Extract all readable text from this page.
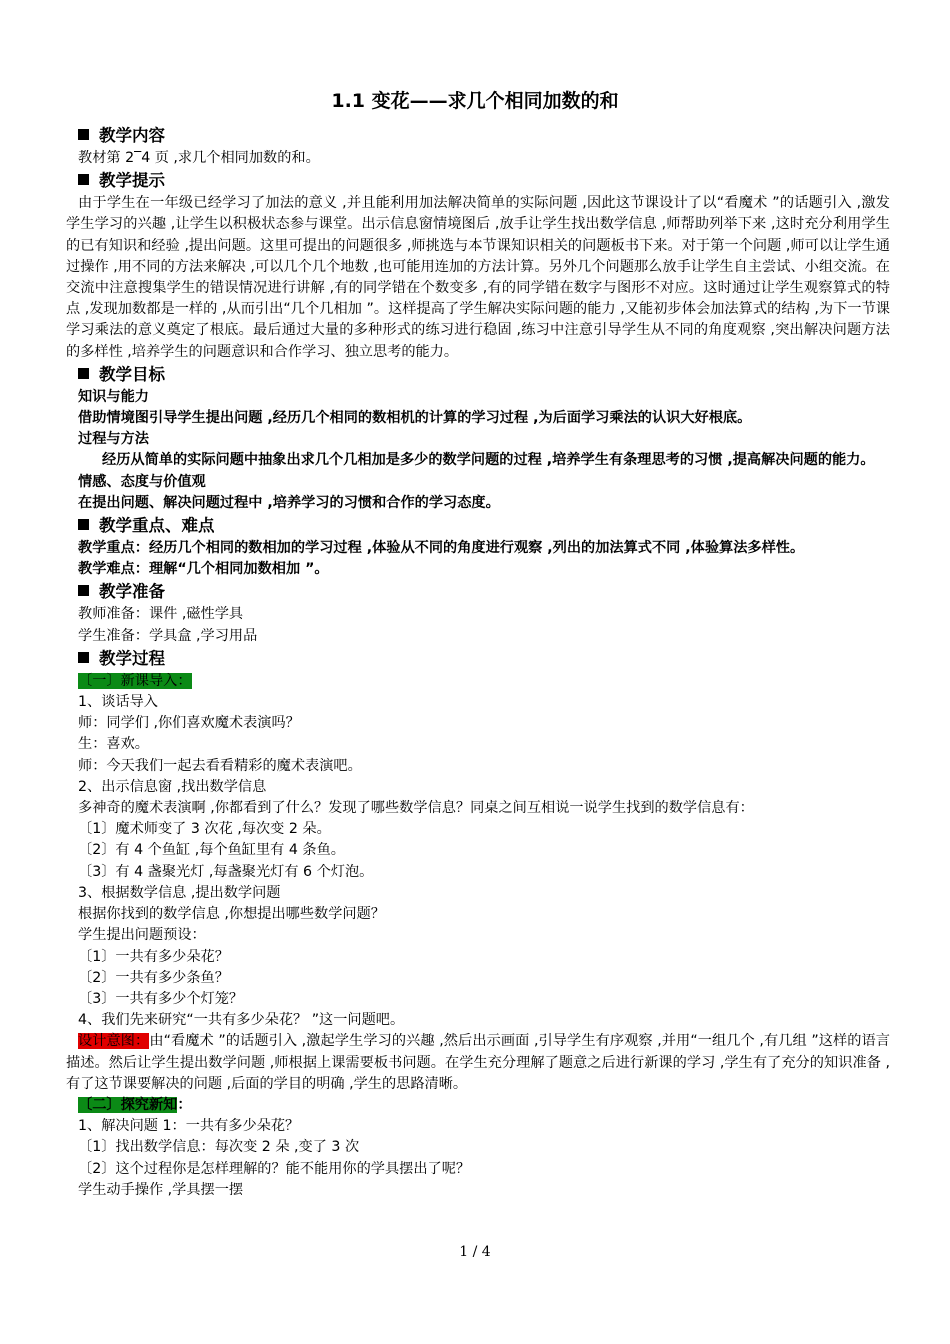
1.1 变花——求几个相同加数的和
教学内容
教材第 2‾4 页 ,求几个相同加数的和。
教学提示
由于学生在一年级已经学习了加法的意义 ,并且能利用加法解决简单的实际问题 ,因此这节课设计了以“看魔术 ”的话题引入 ,激发学生学习的兴趣 ,让学生以积极状态参与课堂。出示信息窗情境图后 ,放手让学生找出数学信息 ,师帮助列举下来 ,这时充分利用学生的已有知识和经验 ,提出问题。这里可提出的问题很多 ,师挑选与本节课知识相关的问题板书下来。对于第一个问题 ,师可以让学生通过操作 ,用不同的方法来解决 ,可以几个几个地数 ,也可能用连加的方法计算。另外几个问题那么放手让学生自主尝试、小组交流。在交流中注意搜集学生的错误情况进行讲解 ,有的同学错在个数变多 ,有的同学错在数字与图形不对应。这时通过让学生观察算式的特点 ,发现加数都是一样的 ,从而引出“几个几相加 ”。这样提高了学生解决实际问题的能力 ,又能初步体会加法算式的结构 ,为下一节课学习乘法的意义奠定了根底。最后通过大量的多种形式的练习进行稳固 ,练习中注意引导学生从不同的角度观察 ,突出解决问题方法的多样性 ,培养学生的问题意识和合作学习、独立思考的能力。
教学目标
知识与能力
借助情境图引导学生提出问题 ,经历几个相同的数相机的计算的学习过程 ,为后面学习乘法的认识大好根底。
过程与方法
经历从简单的实际问题中抽象出求几个几相加是多少的数学问题的过程 ,培养学生有条理思考的习惯 ,提高解决问题的能力。
情感、态度与价值观
在提出问题、解决问题过程中 ,培养学习的习惯和合作的学习态度。
教学重点、难点
教学重点：经历几个相同的数相加的学习过程 ,体验从不同的角度进行观察 ,列出的加法算式不同 ,体验算法多样性。
教学难点：理解“几个相同加数相加 ”。
教学准备
教师准备：课件 ,磁性学具
学生准备：学具盒 ,学习用品
教学过程
〔一〕新课导入：
1、谈话导入
师：同学们 ,你们喜欢魔术表演吗？
生：喜欢。
师：今天我们一起去看看精彩的魔术表演吧。
2、出示信息窗 ,找出数学信息
多神奇的魔术表演啊 ,你都看到了什么？发现了哪些数学信息？同桌之间互相说一说学生找到的数学信息有：
〔1〕魔术师变了 3 次花 ,每次变 2 朵。
〔2〕有 4 个鱼缸 ,每个鱼缸里有 4 条鱼。
〔3〕有 4 盏聚光灯 ,每盏聚光灯有 6 个灯泡。
3、根据数学信息 ,提出数学问题
根据你找到的数学信息 ,你想提出哪些数学问题？
学生提出问题预设：
〔1〕一共有多少朵花？
〔2〕一共有多少条鱼？
〔3〕一共有多少个灯笼？
4、我们先来研究“一共有多少朵花？ ”这一问题吧。
设计意图：由“看魔术 ”的话题引入 ,激起学生学习的兴趣 ,然后出示画面 ,引导学生有序观察 ,并用“一组几个 ,有几组 ”这样的语言描述。然后让学生提出数学问题 ,师根据上课需要板书问题。在学生充分理解了题意之后进行新课的学习 ,学生有了充分的知识准备 ,有了这节课要解决的问题 ,后面的学目的明确 ,学生的思路清晰。
〔二〕探究新知：
1、解决问题 1：一共有多少朵花？
〔1〕找出数学信息：每次变 2 朵 ,变了 3 次
〔2〕这个过程你是怎样理解的？能不能用你的学具摆出了呢？
学生动手操作 ,学具摆一摆
1 / 4
